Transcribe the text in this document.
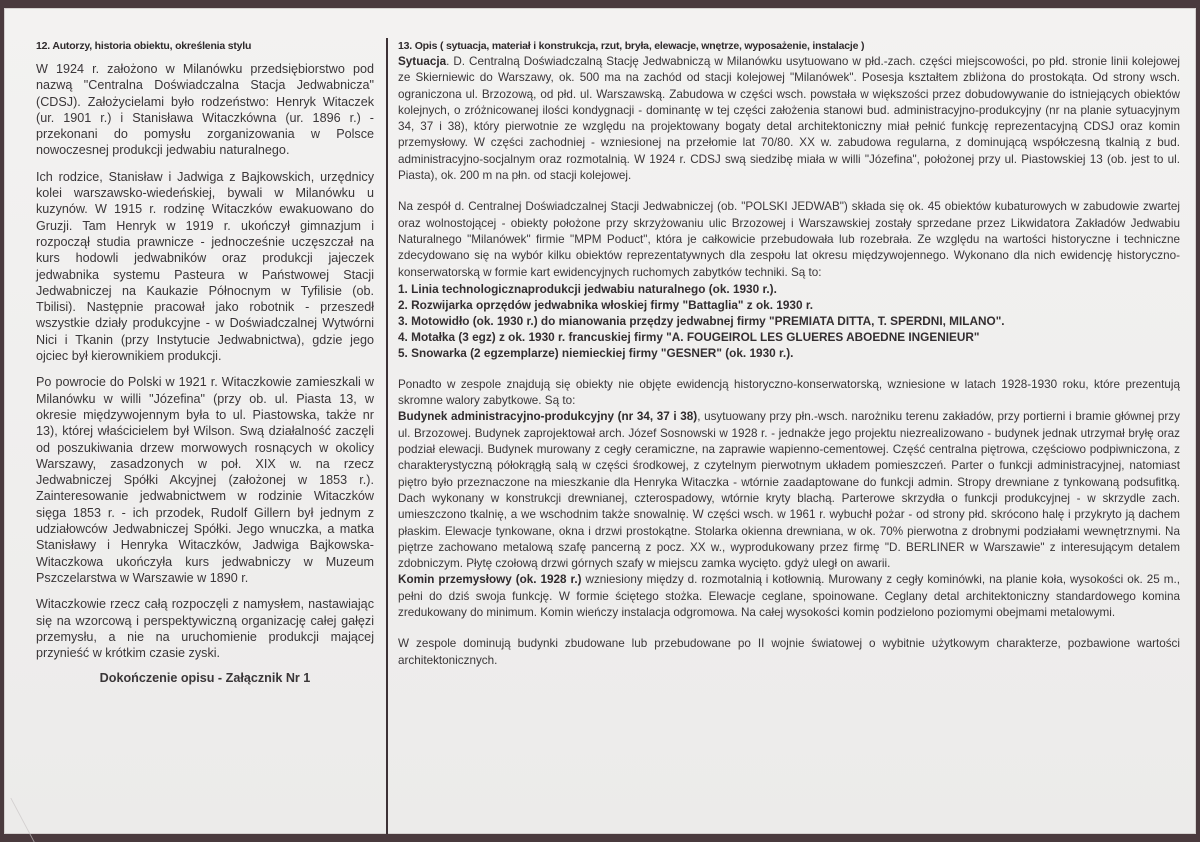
12. Autorzy, historia obiektu, określenia stylu

W 1924 r. założono w Milanówku przedsiębiorstwo pod nazwą "Centralna Doświadczalna Stacja Jedwabnicza" (CDSJ). Założycielami było rodzeństwo: Henryk Witaczek (ur. 1901 r.) i Stanisława Witaczkówna (ur. 1896 r.) - przekonani do pomysłu zorganizowania w Polsce nowoczesnej produkcji jedwabiu naturalnego.

Ich rodzice, Stanisław i Jadwiga z Bajkowskich, urzędnicy kolei warszawsko-wiedeńskiej, bywali w Milanówku u kuzynów. W 1915 r. rodzinę Witaczków ewakuowano do Gruzji. Tam Henryk w 1919 r. ukończył gimnazjum i rozpoczął studia prawnicze - jednocześnie uczęszczał na kurs hodowli jedwabników oraz produkcji jajeczek jedwabnika systemu Pasteura w Państwowej Stacji Jedwabniczej na Kaukazie Północnym w Tyfilisie (ob. Tbilisi). Następnie pracował jako robotnik - przeszedł wszystkie działy produkcyjne - w Doświadczalnej Wytwórni Nici i Tkanin (przy Instytucie Jedwabnictwa), gdzie jego ojciec był kierownikiem produkcji.

Po powrocie do Polski w 1921 r. Witaczkowie zamieszkali w Milanówku w willi "Józefina" (przy ob. ul. Piasta 13, w okresie międzywojennym była to ul. Piastowska, także nr 13), której właścicielem był Wilson. Swą działalność zaczęli od poszukiwania drzew morwowych rosnących w okolicy Warszawy, zasadzonych w poł. XIX w. na rzecz Jedwabniczej Spółki Akcyjnej (założonej w 1853 r.). Zainteresowanie jedwabnictwem w rodzinie Witaczków sięga 1853 r. - ich przodek, Rudolf Gillern był jednym z udziałowców Jedwabniczej Spółki. Jego wnuczka, a matka Stanisławy i Henryka Witaczków, Jadwiga Bajkowska-Witaczkowa ukończyła kurs jedwabniczy w Muzeum Pszczelarstwa w Warszawie w 1890 r.

Witaczkowie rzecz całą rozpoczęli z namysłem, nastawiając się na wzorcową i perspektywiczną organizację całej gałęzi przemysłu, a nie na uruchomienie produkcji mającej przynieść w krótkim czasie zyski.

Dokończenie opisu - Załącznik Nr 1
13. Opis ( sytuacja, materiał i konstrukcja, rzut, bryła, elewacje, wnętrze, wyposażenie, instalacje )

Sytuacja. D. Centralną Doświadczalną Stację Jedwabniczą w Milanówku usytuowano w płd.-zach. części miejscowości, po płd. stronie linii kolejowej ze Skierniewic do Warszawy, ok. 500 ma na zachód od stacji kolejowej "Milanówek". Posesja kształtem zbliżona do prostokąta. Od strony wsch. ograniczona ul. Brzozową, od płd. ul. Warszawską. Zabudowa w części wsch. powstała w większości przez dobudowywanie do istniejących obiektów kolejnych, o zróżnicowanej ilości kondygnacji - dominantę w tej części założenia stanowi bud. administracyjno-produkcyjny (nr na planie sytuacyjnym 34, 37 i 38), który pierwotnie ze względu na projektowany bogaty detal architektoniczny miał pełnić funkcję reprezentacyjną CDSJ oraz komin przemysłowy. W części zachodniej - wzniesionej na przełomie lat 70/80. XX w. zabudowa regularna, z dominującą współczesną tkalnią z bud. administracyjno-socjalnym oraz rozmotalnią. W 1924 r. CDSJ swą siedzibę miała w willi "Józefina", położonej przy ul. Piastowskiej 13 (ob. jest to ul. Piasta), ok. 200 m na płn. od stacji kolejowej.

Na zespół d. Centralnej Doświadczalnej Stacji Jedwabniczej (ob. "POLSKI JEDWAB") składa się ok. 45 obiektów kubaturowych w zabudowie zwartej oraz wolnostojącej - obiekty położone przy skrzyżowaniu ulic Brzozowej i Warszawskiej zostały sprzedane przez Likwidatora Zakładów Jedwabiu Naturalnego "Milanówek" firmie "MPM Poduct", która je całkowicie przebudowała lub rozebrała. Ze względu na wartości historyczne i techniczne zdecydowano się na wybór kilku obiektów reprezentatywnych dla zespołu lat okresu międzywojennego. Wykonano dla nich ewidencję historyczno-konserwatorską w formie kart ewidencyjnych ruchomych zabytków techniki. Są to:

1. Linia technologicznaprodukcji jedwabiu naturalnego (ok. 1930 r.).
2. Rozwijarka oprzędów jedwabnika włoskiej firmy "Battaglia" z ok. 1930 r.
3. Motowidło (ok. 1930 r.) do mianowania przędzy jedwabnej firmy "PREMIATA DITTA, T. SPERDNI, MILANO".
4. Motałka (3 egz) z ok. 1930 r. francuskiej firmy "A. FOUGEIROL LES GLUERES ABOEDNE INGENIEUR"
5. Snowarka (2 egzemplarze) niemieckiej firmy "GESNER" (ok. 1930 r.).

Ponadto w zespole znajdują się obiekty nie objęte ewidencją historyczno-konserwatorską, wzniesione w latach 1928-1930 roku, które prezentują skromne walory zabytkowe. Są to:
Budynek administracyjno-produkcyjny (nr 34, 37 i 38), usytuowany przy płn.-wsch. narożniku terenu zakładów, przy portierni i bramie głównej przy ul. Brzozowej. Budynek zaprojektował arch. Józef Sosnowski w 1928 r. - jednakże jego projektu niezrealizowano - budynek jednak utrzymał bryłę oraz podział elewacji. Budynek murowany z cegły ceramiczne, na zaprawie wapienno-cementowej. Część centralna piętrowa, częściowo podpiwniczona, z charakterystyczną półokrągłą salą w części środkowej, z czytelnym pierwotnym układem pomieszczeń. Parter o funkcji administracyjnej, natomiast piętro było przeznaczone na mieszkanie dla Henryka Witaczka - wtórnie zaadaptowane do funkcji admin. Stropy drewniane z tynkowaną podsufitką. Dach wykonany w konstrukcji drewnianej, czterospadowy, wtórnie kryty blachą. Parterowe skrzydła o funkcji produkcyjnej - w skrzydle zach. umieszczono tkalnię, a we wschodnim także snowalnię. W części wsch. w 1961 r. wybuchł pożar - od strony płd. skrócono halę i przykryto ją dachem płaskim. Elewacje tynkowane, okna i drzwi prostokątne. Stolarka okienna drewniana, w ok. 70% pierwotna z drobnymi podziałami wewnętrznymi. Na piętrze zachowano metalową szafę pancerną z pocz. XX w., wyprodukowany przez firmę "D. BERLINER w Warszawie" z interesującym detalem zdobniczym. Płytę czołową drzwi górnych szafy w miejscu zamka wycięto. gdyż uległ on awarii.
Komin przemysłowy (ok. 1928 r.) wzniesiony między d. rozmotalnią i kotłownią. Murowany z cegły kominówki, na planie koła, wysokości ok. 25 m., pełni do dziś swoja funkcję. W formie ściętego stożka. Elewacje ceglane, spoinowane. Ceglany detal architektoniczny standardowego komina zredukowany do minimum. Komin wieńczy instalacja odgromowa. Na całej wysokości komin podzielono poziomymi obejmami metalowymi.

W zespole dominują budynki zbudowane lub przebudowane po II wojnie światowej o wybitnie użytkowym charakterze, pozbawione wartości architektonicznych.
